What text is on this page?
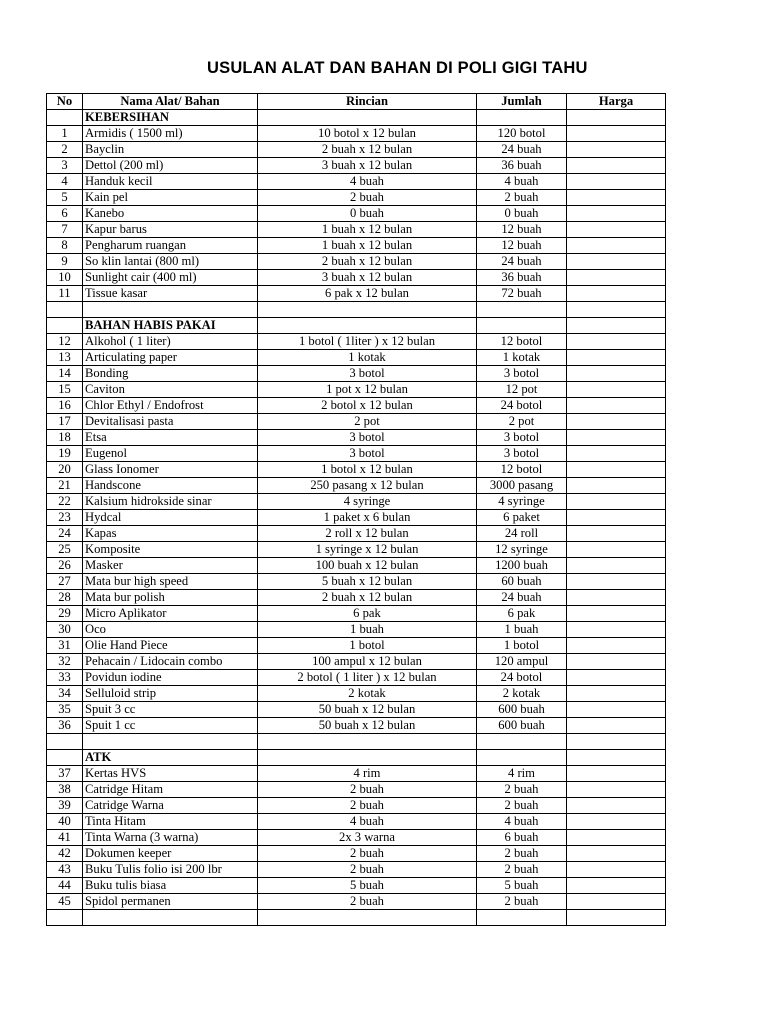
USULAN ALAT DAN BAHAN DI POLI GIGI TAHU
No	Nama Alat/ Bahan	Rincian	Jumlah	Harga
	KEBERSIHAN			
1	Armidis ( 1500 ml)	10 botol x 12 bulan	120 botol	
2	Bayclin	2 buah x 12 bulan	24 buah	
3	Dettol (200 ml)	3 buah x 12 bulan	36 buah	
4	Handuk kecil	4 buah	4 buah	
5	Kain pel	2 buah	2 buah	
6	Kanebo	0 buah	0 buah	
7	Kapur barus	1 buah x 12 bulan	12 buah	
8	Pengharum ruangan	1 buah x 12 bulan	12 buah	
9	So klin lantai (800 ml)	2 buah x 12 bulan	24 buah	
10	Sunlight cair (400 ml)	3 buah x 12 bulan	36 buah	
11	Tissue kasar	6 pak x 12 bulan	72 buah	

	BAHAN HABIS PAKAI			
12	Alkohol ( 1 liter)	1 botol ( 1liter ) x 12 bulan	12 botol	
13	Articulating paper	1 kotak	1 kotak	
14	Bonding	3 botol	3 botol	
15	Caviton	1 pot x 12 bulan	12 pot	
16	Chlor Ethyl / Endofrost	2 botol x 12 bulan	24 botol	
17	Devitalisasi pasta	2 pot	2 pot	
18	Etsa	3 botol	3 botol	
19	Eugenol	3 botol	3 botol	
20	Glass Ionomer	1 botol x 12 bulan	12 botol	
21	Handscone	250 pasang x 12 bulan	3000 pasang	
22	Kalsium hidrokside sinar	4 syringe	4 syringe	
23	Hydcal	1 paket x 6 bulan	6 paket	
24	Kapas	2 roll x 12 bulan	24 roll	
25	Komposite	1 syringe x 12 bulan	12 syringe	
26	Masker	100 buah x 12 bulan	1200 buah	
27	Mata bur high speed	5 buah x 12 bulan	60 buah	
28	Mata bur polish	2 buah x 12 bulan	24 buah	
29	Micro Aplikator	6 pak	6 pak	
30	Oco	1 buah	1 buah	
31	Olie Hand Piece	1 botol	1 botol	
32	Pehacain / Lidocain combo	100 ampul x 12 bulan	120 ampul	
33	Povidun iodine	2 botol ( 1 liter ) x 12 bulan	24 botol	
34	Selluloid strip	2 kotak	2 kotak	
35	Spuit 3 cc	50 buah x 12 bulan	600 buah	
36	Spuit 1 cc	50 buah x 12 bulan	600 buah	

	ATK			
37	Kertas HVS	4 rim	4 rim	
38	Catridge Hitam	2 buah	2 buah	
39	Catridge Warna	2 buah	2 buah	
40	Tinta Hitam	4 buah	4 buah	
41	Tinta Warna (3 warna)	2x 3 warna	6 buah	
42	Dokumen keeper	2 buah	2 buah	
43	Buku Tulis folio isi 200 lbr	2 buah	2 buah	
44	Buku tulis biasa	5 buah	5 buah	
45	Spidol permanen	2 buah	2 buah	
